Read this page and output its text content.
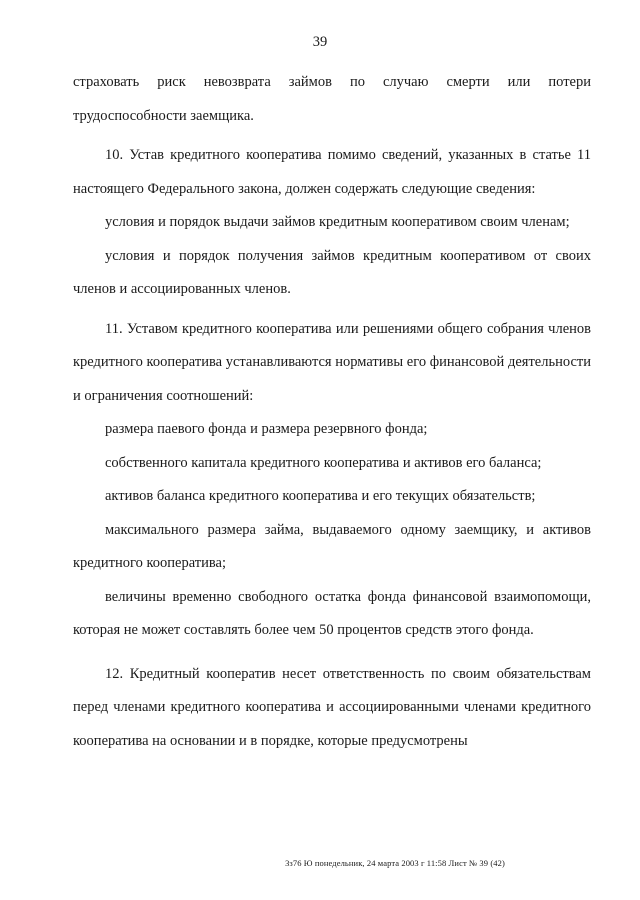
39

страховать риск невозврата займов по случаю смерти или потери трудоспособности заемщика.

10. Устав кредитного кооператива помимо сведений, указанных в статье 11 настоящего Федерального закона, должен содержать следующие сведения:

условия и порядок выдачи займов кредитным кооперативом своим членам;

условия и порядок получения займов кредитным кооперативом от своих членов и ассоциированных членов.

11. Уставом кредитного кооператива или решениями общего собрания членов кредитного кооператива устанавливаются нормативы его финансовой деятельности и ограничения соотношений:

размера паевого фонда и размера резервного фонда;

собственного капитала кредитного кооператива и активов его баланса;

активов баланса кредитного кооператива и его текущих обязательств;

максимального размера займа, выдаваемого одному заемщику, и активов кредитного кооператива;

величины временно свободного остатка фонда финансовой взаимопомощи, которая не может составлять более чем 50 процентов средств этого фонда.

12. Кредитный кооператив несет ответственность по своим обязательствам перед членами кредитного кооператива и ассоциированными членами кредитного кооператива на основании и в порядке, которые предусмотрены

3з76 Ю понедельник, 24 марта 2003 г 11:58 Лист № 39 (42)
